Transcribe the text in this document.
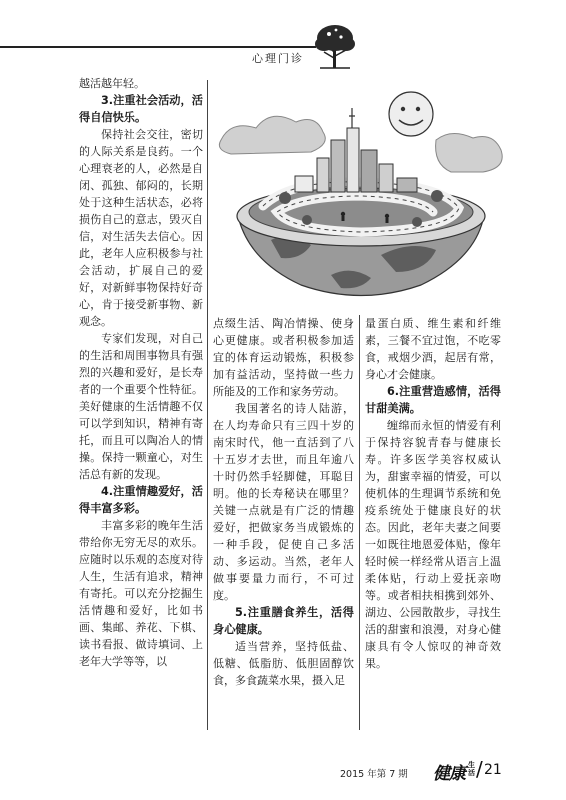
心理门诊

越活越年轻。

3.注重社会活动，活得自信快乐。

保持社会交往，密切的人际关系是良药。一个心理衰老的人，必然是自闭、孤独、郁闷的，长期处于这种生活状态，必将损伤自己的意志，毁灭自信，对生活失去信心。因此，老年人应积极参与社会活动，扩展自己的爱好，对新鲜事物保持好奇心，肯于接受新事物、新观念。

专家们发现，对自己的生活和周围事物具有强烈的兴趣和爱好，是长寿者的一个重要个性特征。美好健康的生活情趣不仅可以学到知识，精神有寄托，而且可以陶冶人的情操。保持一颗童心，对生活总有新的发现。

4.注重情趣爱好，活得丰富多彩。

丰富多彩的晚年生活带给你无穷无尽的欢乐。应随时以乐观的态度对待人生，生活有追求，精神有寄托。可以充分挖掘生活情趣和爱好，比如书画、集邮、养花、下棋、读书看报、做诗填词、上老年大学等等，以

点缀生活、陶冶情操、使身心更健康。或者积极参加适宜的体育运动锻炼，积极参加有益活动，坚持做一些力所能及的工作和家务劳动。

我国著名的诗人陆游，在人均寿命只有三四十岁的南宋时代，他一直活到了八十五岁才去世，而且年逾八十时仍然手轻脚健，耳聪目明。他的长寿秘诀在哪里？关键一点就是有广泛的情趣爱好，把做家务当成锻炼的一种手段，促使自己多活动、多运动。当然，老年人做事要量力而行，不可过度。

5.注重膳食养生，活得身心健康。

适当营养，坚持低盐、低糖、低脂肪、低胆固醇饮食，多食蔬菜水果，摄入足

量蛋白质、维生素和纤维素，三餐不宜过饱，不吃零食，戒烟少酒，起居有常，身心才会健康。

6.注重营造感情，活得甘甜美满。

缠绵而永恒的情爱有利于保持容貌青春与健康长寿。许多医学美容权威认为，甜蜜幸福的情爱，可以使机体的生理调节系统和免疫系统处于健康良好的状态。因此，老年夫妻之间要一如既往地恩爱体贴，像年轻时候一样经常从语言上温柔体贴，行动上爱抚亲吻等。或者相扶相携到郊外、湖边、公园散散步，寻找生活的甜蜜和浪漫，对身心健康具有令人惊叹的神奇效果。

2015 年第 7 期 健康 生活 / 21
